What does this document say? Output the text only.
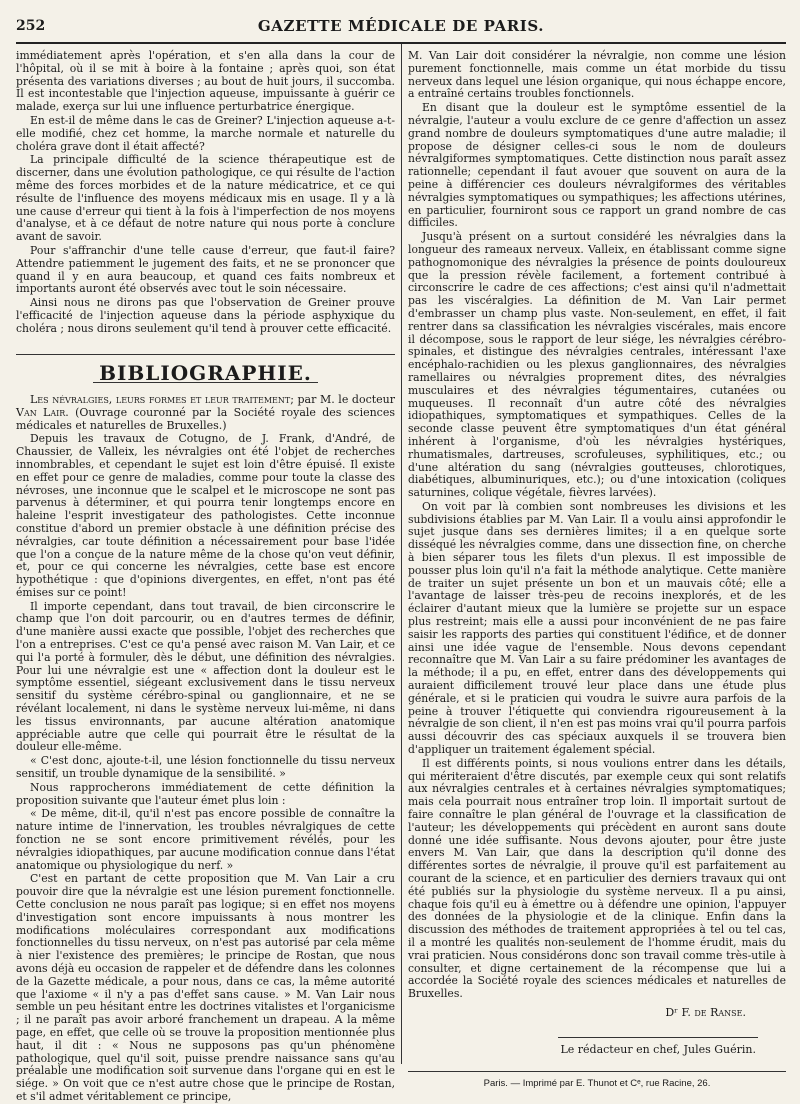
252	GAZETTE MÉDICALE DE PARIS.

immédiatement après l'opération, et s'en alla dans la cour de l'hôpital, où il se mit à boire à la fontaine ; après quoi, son état présenta des variations diverses ; au bout de huit jours, il succomba. Il est incontestable que l'injection aqueuse, impuissante à guérir ce malade, exerça sur lui une influence perturbatrice énergique.

En est-il de même dans le cas de Greiner? L'injection aqueuse a-t-elle modifié, chez cet homme, la marche normale et naturelle du choléra grave dont il était affecté?

La principale difficulté de la science thérapeutique est de discerner, dans une évolution pathologique, ce qui résulte de l'action même des forces morbides et de la nature médicatrice, et ce qui résulte de l'influence des moyens médicaux mis en usage. Il y a là une cause d'erreur qui tient à la fois à l'imperfection de nos moyens d'analyse, et à ce défaut de notre nature qui nous porte à conclure avant de savoir.

Pour s'affranchir d'une telle cause d'erreur, que faut-il faire? Attendre patiemment le jugement des faits, et ne se prononcer que quand il y en aura beaucoup, et quand ces faits nombreux et importants auront été observés avec tout le soin nécessaire.

Ainsi nous ne dirons pas que l'observation de Greiner prouve l'efficacité de l'injection aqueuse dans la période asphyxique du choléra ; nous dirons seulement qu'il tend à prouver cette efficacité.

BIBLIOGRAPHIE.

Les névralgies, leurs formes et leur traitement; par M. le docteur Van Lair. (Ouvrage couronné par la Société royale des sciences médicales et naturelles de Bruxelles.)

Depuis les travaux de Cotugno, de J. Frank, d'André, de Chaussier, de Valleix, les névralgies ont été l'objet de recherches innombrables, et cependant le sujet est loin d'être épuisé. Il existe en effet pour ce genre de maladies, comme pour toute la classe des névroses, une inconnue que le scalpel et le microscope ne sont pas parvenus à déterminer, et qui pourra tenir longtemps encore en haleine l'esprit investigateur des pathologistes. Cette inconnue constitue d'abord un premier obstacle à une définition précise des névralgies, car toute définition a nécessairement pour base l'idée que l'on a conçue de la nature même de la chose qu'on veut définir, et, pour ce qui concerne les névralgies, cette base est encore hypothétique : que d'opinions divergentes, en effet, n'ont pas été émises sur ce point!

Il importe cependant, dans tout travail, de bien circonscrire le champ que l'on doit parcourir, ou en d'autres termes de définir, d'une manière aussi exacte que possible, l'objet des recherches que l'on a entreprises. C'est ce qu'a pensé avec raison M. Van Lair, et ce qui l'a porté à formuler, dès le début, une définition des névralgies. Pour lui une névralgie est une « affection dont la douleur est le symptôme essentiel, siégeant exclusivement dans le tissu nerveux sensitif du système cérébro-spinal ou ganglionnaire, et ne se révélant localement, ni dans le système nerveux lui-même, ni dans les tissus environnants, par aucune altération anatomique appréciable autre que celle qui pourrait être le résultat de la douleur elle-même.

« C'est donc, ajoute-t-il, une lésion fonctionnelle du tissu nerveux sensitif, un trouble dynamique de la sensibilité. »

Nous rapprocherons immédiatement de cette définition la proposition suivante que l'auteur émet plus loin :

« De même, dit-il, qu'il n'est pas encore possible de connaître la nature intime de l'innervation, les troubles névralgiques de cette fonction ne se sont encore primitivement révélés, pour les névralgies idiopathiques, par aucune modification connue dans l'état anatomique ou physiologique du nerf. »

C'est en partant de cette proposition que M. Van Lair a cru pouvoir dire que la névralgie est une lésion purement fonctionnelle. Cette conclusion ne nous paraît pas logique; si en effet nos moyens d'investigation sont encore impuissants à nous montrer les modifications moléculaires correspondant aux modifications fonctionnelles du tissu nerveux, on n'est pas autorisé par cela même à nier l'existence des premières; le principe de Rostan, que nous avons déjà eu occasion de rappeler et de défendre dans les colonnes de la Gazette médicale, a pour nous, dans ce cas, la même autorité que l'axiome « il n'y a pas d'effet sans cause. » M. Van Lair nous semble un peu hésitant entre les doctrines vitalistes et l'organicisme ; il ne paraît pas avoir arboré franchement un drapeau. A la même page, en effet, que celle où se trouve la proposition mentionnée plus haut, il dit : « Nous ne supposons pas qu'un phénomène pathologique, quel qu'il soit, puisse prendre naissance sans qu'au préalable une modification soit survenue dans l'organe qui en est le siége. » On voit que ce n'est autre chose que le principe de Rostan, et s'il admet véritablement ce principe,

M. Van Lair doit considérer la névralgie, non comme une lésion purement fonctionnelle, mais comme un état morbide du tissu nerveux dans lequel une lésion organique, qui nous échappe encore, a entraîné certains troubles fonctionnels.

En disant que la douleur est le symptôme essentiel de la névralgie, l'auteur a voulu exclure de ce genre d'affection un assez grand nombre de douleurs symptomatiques d'une autre maladie; il propose de désigner celles-ci sous le nom de douleurs névralgiformes symptomatiques. Cette distinction nous paraît assez rationnelle; cependant il faut avouer que souvent on aura de la peine à différencier ces douleurs névralgiformes des véritables névralgies symptomatiques ou sympathiques; les affections utérines, en particulier, fourniront sous ce rapport un grand nombre de cas difficiles.

Jusqu'à présent on a surtout considéré les névralgies dans la longueur des rameaux nerveux. Valleix, en établissant comme signe pathognomonique des névralgies la présence de points douloureux que la pression révèle facilement, a fortement contribué à circonscrire le cadre de ces affections; c'est ainsi qu'il n'admettait pas les viscéralgies. La définition de M. Van Lair permet d'embrasser un champ plus vaste. Non-seulement, en effet, il fait rentrer dans sa classification les névralgies viscérales, mais encore il décompose, sous le rapport de leur siége, les névralgies cérébro-spinales, et distingue des névralgies centrales, intéressant l'axe encéphalo-rachidien ou les plexus ganglionnaires, des névralgies ramellaires ou névralgies proprement dites, des névralgies musculaires et des névralgies tégumentaires, cutanées ou muqueuses. Il reconnaît d'un autre côté des névralgies idiopathiques, symptomatiques et sympathiques. Celles de la seconde classe peuvent être symptomatiques d'un état général inhérent à l'organisme, d'où les névralgies hystériques, rhumatismales, dartreuses, scrofuleuses, syphilitiques, etc.; ou d'une altération du sang (névralgies goutteuses, chlorotiques, diabétiques, albuminuriques, etc.); ou d'une intoxication (coliques saturnines, colique végétale, fièvres larvées).

On voit par là combien sont nombreuses les divisions et les subdivisions établies par M. Van Lair. Il a voulu ainsi approfondir le sujet jusque dans ses dernières limites; il a en quelque sorte disséqué les névralgies comme, dans une dissection fine, on cherche à bien séparer tous les filets d'un plexus. Il est impossible de pousser plus loin qu'il n'a fait la méthode analytique. Cette manière de traiter un sujet présente un bon et un mauvais côté; elle a l'avantage de laisser très-peu de recoins inexplorés, et de les éclairer d'autant mieux que la lumière se projette sur un espace plus restreint; mais elle a aussi pour inconvénient de ne pas faire saisir les rapports des parties qui constituent l'édifice, et de donner ainsi une idée vague de l'ensemble. Nous devons cependant reconnaître que M. Van Lair a su faire prédominer les avantages de la méthode; il a pu, en effet, entrer dans des développements qui auraient difficilement trouvé leur place dans une étude plus générale, et si le praticien qui voudra le suivre aura parfois de la peine à trouver l'étiquette qui conviendra rigoureusement à la névralgie de son client, il n'en est pas moins vrai qu'il pourra parfois aussi découvrir des cas spéciaux auxquels il se trouvera bien d'appliquer un traitement également spécial.

Il est différents points, si nous voulions entrer dans les détails, qui mériteraient d'être discutés, par exemple ceux qui sont relatifs aux névralgies centrales et à certaines névralgies symptomatiques; mais cela pourrait nous entraîner trop loin. Il importait surtout de faire connaître le plan général de l'ouvrage et la classification de l'auteur; les développements qui précèdent en auront sans doute donné une idée suffisante. Nous devons ajouter, pour être juste envers M. Van Lair, que dans la description qu'il donne des différentes sortes de névralgie, il prouve qu'il est parfaitement au courant de la science, et en particulier des derniers travaux qui ont été publiés sur la physiologie du système nerveux. Il a pu ainsi, chaque fois qu'il eu à émettre ou à défendre une opinion, l'appuyer des données de la physiologie et de la clinique. Enfin dans la discussion des méthodes de traitement appropriées à tel ou tel cas, il a montré les qualités non-seulement de l'homme érudit, mais du vrai praticien. Nous considérons donc son travail comme très-utile à consulter, et digne certainement de la récompense que lui a accordée la Société royale des sciences médicales et naturelles de Bruxelles.

Dʳ F. de Ranse.
Le rédacteur en chef, Jules Guérin.
Paris. — Imprimé par E. Thunot et Cᵉ, rue Racine, 26.
